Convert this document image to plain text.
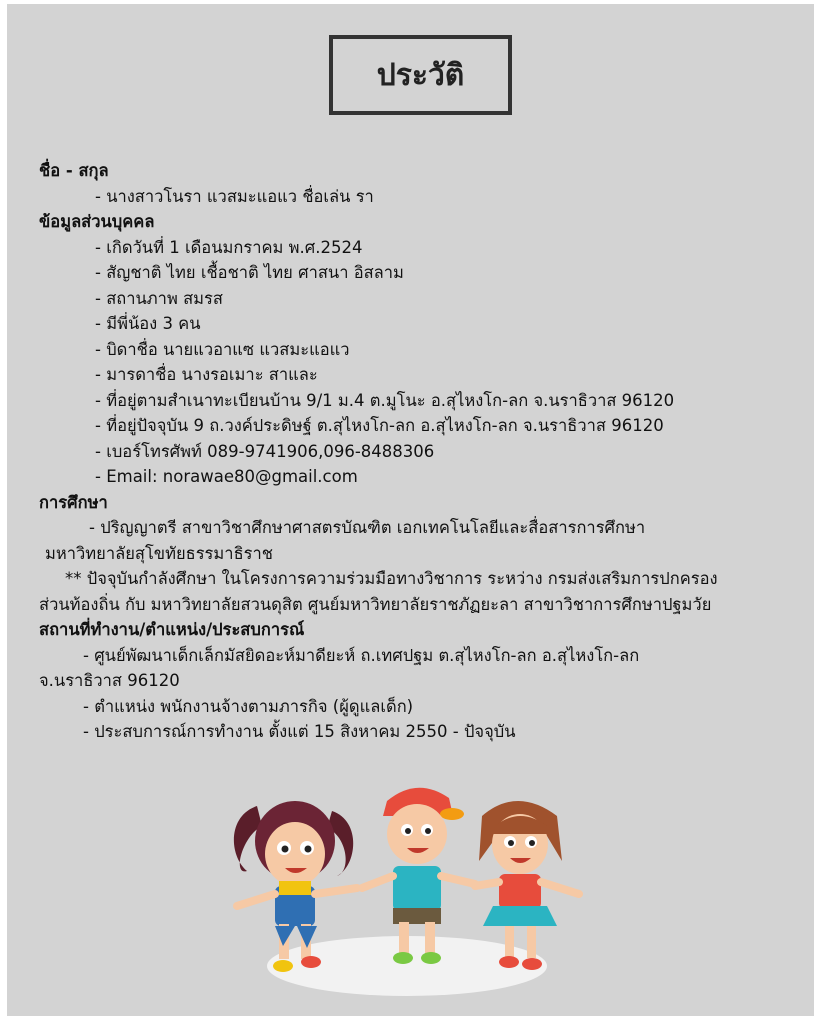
ประวัติ
ชื่อ - สกุล
- นางสาวโนรา แวสมะแอแว ชื่อเล่น รา
ข้อมูลส่วนบุคคล
- เกิดวันที่ 1 เดือนมกราคม พ.ศ.2524
- สัญชาติ ไทย เชื้อชาติ ไทย ศาสนา อิสลาม
- สถานภาพ สมรส
- มีพี่น้อง 3 คน
- บิดาชื่อ นายแวอาแซ แวสมะแอแว
- มารดาชื่อ นางรอเมาะ สาและ
- ที่อยู่ตามสำเนาทะเบียนบ้าน 9/1 ม.4 ต.มูโนะ อ.สุไหงโก-ลก จ.นราธิวาส 96120
- ที่อยู่ปัจจุบัน 9 ถ.วงค์ประดิษฐ์ ต.สุไหงโก-ลก อ.สุไหงโก-ลก จ.นราธิวาส 96120
- เบอร์โทรศัพท์ 089-9741906,096-8488306
- Email: norawae80@gmail.com
การศึกษา
- ปริญญาตรี สาขาวิชาศึกษาศาสตรบัณฑิต เอกเทคโนโลยีและสื่อสารการศึกษา
มหาวิทยาลัยสุโขทัยธรรมาธิราช
** ปัจจุบันกำลังศึกษา ในโครงการความร่วมมือทางวิชาการ ระหว่าง กรมส่งเสริมการปกครอง
ส่วนท้องถิ่น กับ มหาวิทยาลัยสวนดุสิต ศูนย์มหาวิทยาลัยราชภัฏยะลา สาขาวิชาการศึกษาปฐมวัย
สถานที่ทำงาน/ตำแหน่ง/ประสบการณ์
- ศูนย์พัฒนาเด็กเล็กมัสยิดอะห์มาดียะห์ ถ.เทศปฐม ต.สุไหงโก-ลก อ.สุไหงโก-ลก
จ.นราธิวาส 96120
- ตำแหน่ง พนักงานจ้างตามภารกิจ (ผู้ดูแลเด็ก)
- ประสบการณ์การทำงาน ตั้งแต่ 15 สิงหาคม 2550 - ปัจจุบัน
